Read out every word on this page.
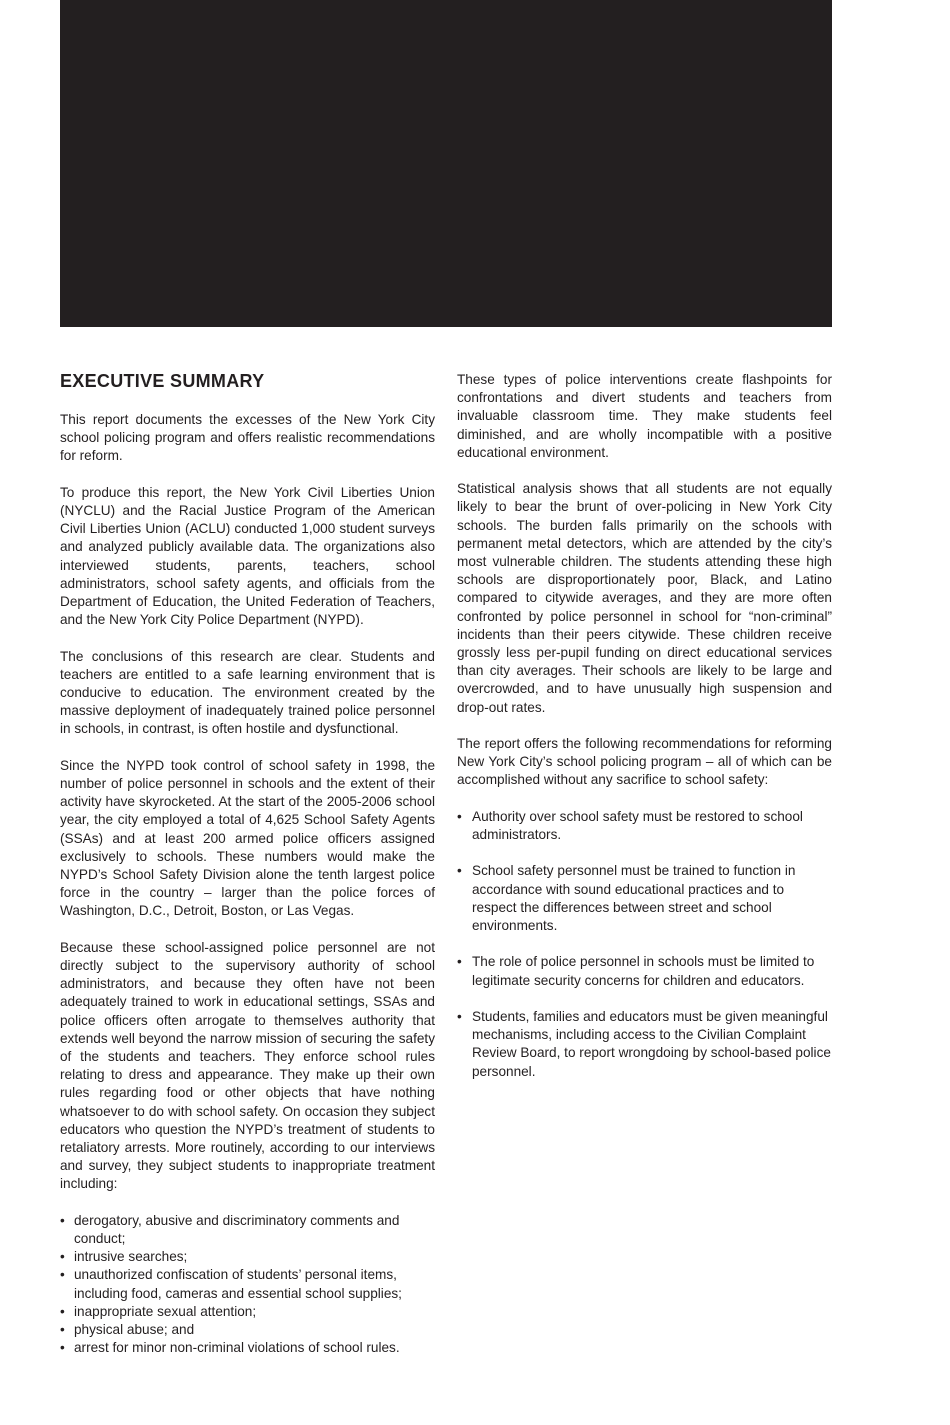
EXECUTIVE SUMMARY

This report documents the excesses of the New York City school policing program and offers realistic recommendations for reform.

To produce this report, the New York Civil Liberties Union (NYCLU) and the Racial Justice Program of the American Civil Liberties Union (ACLU) conducted 1,000 student surveys and analyzed publicly available data. The organizations also interviewed students, parents, teachers, school administrators, school safety agents, and officials from the Department of Education, the United Federation of Teachers, and the New York City Police Department (NYPD).

The conclusions of this research are clear. Students and teachers are entitled to a safe learning environment that is conducive to education. The environment created by the massive deployment of inadequately trained police personnel in schools, in contrast, is often hostile and dysfunctional.

Since the NYPD took control of school safety in 1998, the number of police personnel in schools and the extent of their activity have skyrocketed. At the start of the 2005-2006 school year, the city employed a total of 4,625 School Safety Agents (SSAs) and at least 200 armed police officers assigned exclusively to schools. These numbers would make the NYPD’s School Safety Division alone the tenth largest police force in the country – larger than the police forces of Washington, D.C., Detroit, Boston, or Las Vegas.

Because these school-assigned police personnel are not directly subject to the supervisory authority of school administrators, and because they often have not been adequately trained to work in educational settings, SSAs and police officers often arrogate to themselves authority that extends well beyond the narrow mission of securing the safety of the students and teachers. They enforce school rules relating to dress and appearance. They make up their own rules regarding food or other objects that have nothing whatsoever to do with school safety. On occasion they subject educators who question the NYPD’s treatment of students to retaliatory arrests. More routinely, according to our interviews and survey, they subject students to inappropriate treatment including:

• derogatory, abusive and discriminatory comments and conduct;
• intrusive searches;
• unauthorized confiscation of students’ personal items, including food, cameras and essential school supplies;
• inappropriate sexual attention;
• physical abuse; and
• arrest for minor non-criminal violations of school rules.

These types of police interventions create flashpoints for confrontations and divert students and teachers from invaluable classroom time. They make students feel diminished, and are wholly incompatible with a positive educational environment.

Statistical analysis shows that all students are not equally likely to bear the brunt of over-policing in New York City schools. The burden falls primarily on the schools with permanent metal detectors, which are attended by the city’s most vulnerable children. The students attending these high schools are disproportionately poor, Black, and Latino compared to citywide averages, and they are more often confronted by police personnel in school for “non-criminal” incidents than their peers citywide. These children receive grossly less per-pupil funding on direct educational services than city averages. Their schools are likely to be large and overcrowded, and to have unusually high suspension and drop-out rates.

The report offers the following recommendations for reforming New York City’s school policing program – all of which can be accomplished without any sacrifice to school safety:

• Authority over school safety must be restored to school administrators.
• School safety personnel must be trained to function in accordance with sound educational practices and to respect the differences between street and school environments.
• The role of police personnel in schools must be limited to legitimate security concerns for children and educators.
• Students, families and educators must be given meaningful mechanisms, including access to the Civilian Complaint Review Board, to report wrongdoing by school-based police personnel.
